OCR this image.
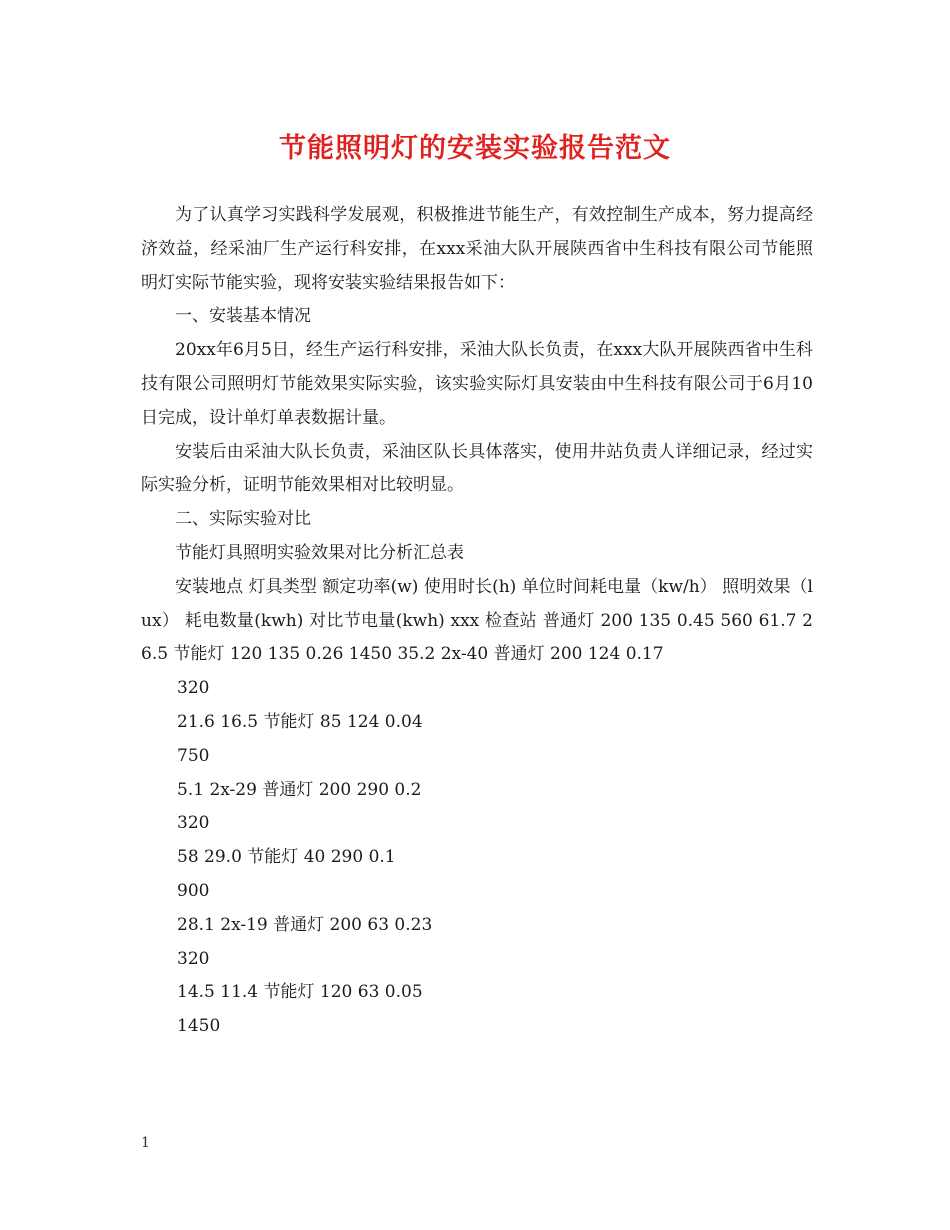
节能照明灯的安装实验报告范文

为了认真学习实践科学发展观，积极推进节能生产，有效控制生产成本，努力提高经济效益，经采油厂生产运行科安排，在xxx采油大队开展陕西省中生科技有限公司节能照明灯实际节能实验，现将安装实验结果报告如下：

一、安装基本情况

20xx年6月5日，经生产运行科安排，采油大队长负责，在xxx大队开展陕西省中生科技有限公司照明灯节能效果实际实验，该实验实际灯具安装由中生科技有限公司于6月10日完成，设计单灯单表数据计量。

安装后由采油大队长负责，采油区队长具体落实，使用井站负责人详细记录，经过实际实验分析，证明节能效果相对比较明显。

二、实际实验对比

节能灯具照明实验效果对比分析汇总表

安装地点 灯具类型 额定功率(w) 使用时长(h) 单位时间耗电量（kw/h） 照明效果（lux） 耗电数量(kwh) 对比节电量(kwh) xxx 检查站 普通灯 200 135 0.45 560 61.7 26.5 节能灯 120 135 0.26 1450 35.2 2x-40 普通灯 200 124 0.17

320

21.6 16.5 节能灯 85 124 0.04

750

5.1 2x-29 普通灯 200 290 0.2

320

58 29.0 节能灯 40 290 0.1

900

28.1 2x-19 普通灯 200 63 0.23

320

14.5 11.4 节能灯 120 63 0.05

1450

1
